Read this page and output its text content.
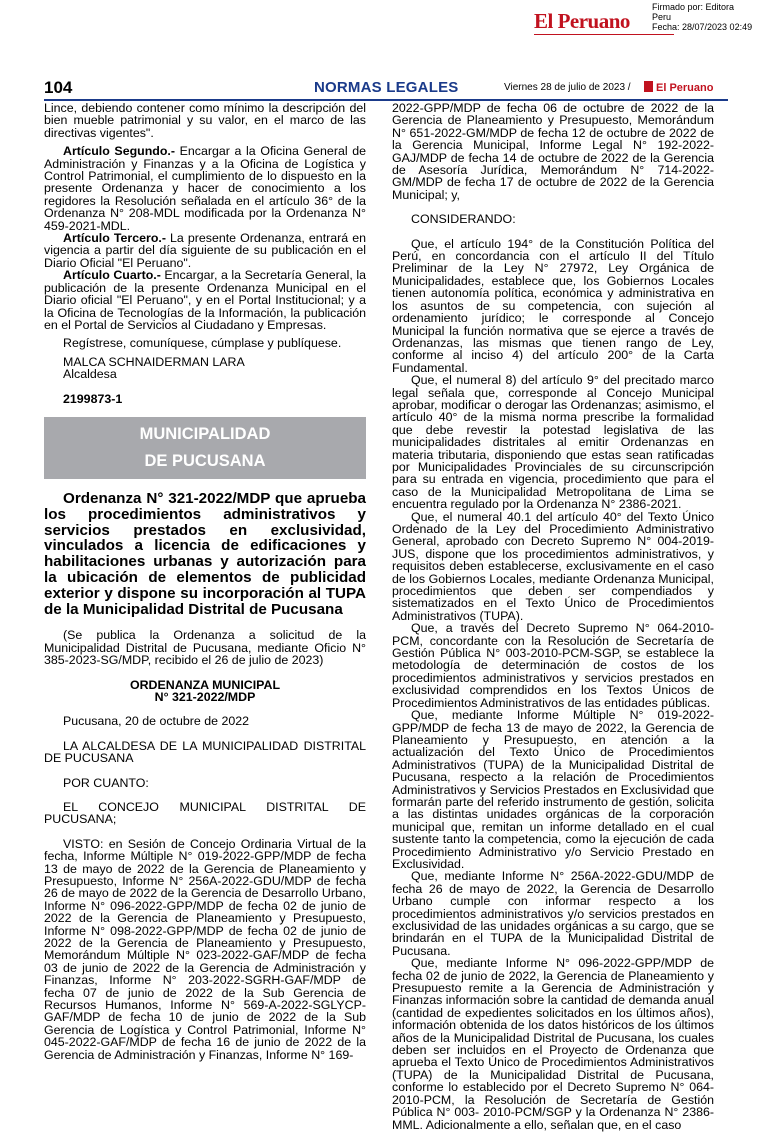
El Peruano
Firmado por: Editora
Peru
Fecha: 28/07/2023 02:49
104	NORMAS LEGALES	Viernes 28 de julio de 2023 /	El Peruano

Lince, debiendo contener como mínimo la descripción del bien mueble patrimonial y su valor, en el marco de las directivas vigentes".

Artículo Segundo.- Encargar a la Oficina General de Administración y Finanzas y a la Oficina de Logística y Control Patrimonial, el cumplimiento de lo dispuesto en la presente Ordenanza y hacer de conocimiento a los regidores la Resolución señalada en el artículo 36° de la Ordenanza N° 208-MDL modificada por la Ordenanza N° 459-2021-MDL.

Artículo Tercero.- La presente Ordenanza, entrará en vigencia a partir del día siguiente de su publicación en el Diario Oficial "El Peruano".

Artículo Cuarto.- Encargar, a la Secretaría General, la publicación de la presente Ordenanza Municipal en el Diario oficial "El Peruano", y en el Portal Institucional; y a la Oficina de Tecnologías de la Información, la publicación en el Portal de Servicios al Ciudadano y Empresas.

Regístrese, comuníquese, cúmplase y publíquese.

MALCA SCHNAIDERMAN LARA

Alcaldesa

2199873-1

MUNICIPALIDAD
DE PUCUSANA

Ordenanza N° 321-2022/MDP que aprueba los procedimientos administrativos y servicios prestados en exclusividad, vinculados a licencia de edificaciones y habilitaciones urbanas y autorización para la ubicación de elementos de publicidad exterior y dispone su incorporación al TUPA de la Municipalidad Distrital de Pucusana

(Se publica la Ordenanza a solicitud de la Municipalidad Distrital de Pucusana, mediante Oficio N° 385-2023-SG/MDP, recibido el 26 de julio de 2023)

ORDENANZA MUNICIPAL

N° 321-2022/MDP

Pucusana, 20 de octubre de 2022

LA ALCALDESA DE LA MUNICIPALIDAD DISTRITAL DE PUCUSANA

POR CUANTO:

EL CONCEJO MUNICIPAL DISTRITAL DE PUCUSANA;

VISTO: en Sesión de Concejo Ordinaria Virtual de la fecha, Informe Múltiple N° 019-2022-GPP/MDP de fecha 13 de mayo de 2022 de la Gerencia de Planeamiento y Presupuesto, Informe N° 256A-2022-GDU/MDP de fecha 26 de mayo de 2022 de la Gerencia de Desarrollo Urbano, Informe N° 096-2022-GPP/MDP de fecha 02 de junio de 2022 de la Gerencia de Planeamiento y Presupuesto, Informe N° 098-2022-GPP/MDP de fecha 02 de junio de 2022 de la Gerencia de Planeamiento y Presupuesto, Memorándum Múltiple N° 023-2022-GAF/MDP de fecha 03 de junio de 2022 de la Gerencia de Administración y Finanzas, Informe N° 203-2022-SGRH-GAF/MDP de fecha 07 de junio de 2022 de la Sub Gerencia de Recursos Humanos, Informe N° 569-A-2022-SGLYCP-GAF/MDP de fecha 10 de junio de 2022 de la Sub Gerencia de Logística y Control Patrimonial, Informe N° 045-2022-GAF/MDP de fecha 16 de junio de 2022 de la Gerencia de Administración y Finanzas, Informe N° 169-

2022-GPP/MDP de fecha 06 de octubre de 2022 de la Gerencia de Planeamiento y Presupuesto, Memorándum N° 651-2022-GM/MDP de fecha 12 de octubre de 2022 de la Gerencia Municipal, Informe Legal N° 192-2022-GAJ/MDP de fecha 14 de octubre de 2022 de la Gerencia de Asesoría Jurídica, Memorándum N° 714-2022-GM/MDP de fecha 17 de octubre de 2022 de la Gerencia Municipal; y,

CONSIDERANDO:

Que, el artículo 194° de la Constitución Política del Perú, en concordancia con el artículo II del Título Preliminar de la Ley N° 27972, Ley Orgánica de Municipalidades, establece que, los Gobiernos Locales tienen autonomía política, económica y administrativa en los asuntos de su competencia, con sujeción al ordenamiento jurídico; le corresponde al Concejo Municipal la función normativa que se ejerce a través de Ordenanzas, las mismas que tienen rango de Ley, conforme al inciso 4) del artículo 200° de la Carta Fundamental.

Que, el numeral 8) del artículo 9° del precitado marco legal señala que, corresponde al Concejo Municipal aprobar, modificar o derogar las Ordenanzas; asimismo, el artículo 40° de la misma norma prescribe la formalidad que debe revestir la potestad legislativa de las municipalidades distritales al emitir Ordenanzas en materia tributaria, disponiendo que estas sean ratificadas por Municipalidades Provinciales de su circunscripción para su entrada en vigencia, procedimiento que para el caso de la Municipalidad Metropolitana de Lima se encuentra regulado por la Ordenanza N° 2386-2021.

Que, el numeral 40.1 del artículo 40° del Texto Único Ordenado de la Ley del Procedimiento Administrativo General, aprobado con Decreto Supremo N° 004-2019-JUS, dispone que los procedimientos administrativos, y requisitos deben establecerse, exclusivamente en el caso de los Gobiernos Locales, mediante Ordenanza Municipal, procedimientos que deben ser compendiados y sistematizados en el Texto Único de Procedimientos Administrativos (TUPA).

Que, a través del Decreto Supremo N° 064-2010-PCM, concordante con la Resolución de Secretaría de Gestión Pública N° 003-2010-PCM-SGP, se establece la metodología de determinación de costos de los procedimientos administrativos y servicios prestados en exclusividad comprendidos en los Textos Únicos de Procedimientos Administrativos de las entidades públicas.

Que, mediante Informe Múltiple N° 019-2022-GPP/MDP de fecha 13 de mayo de 2022, la Gerencia de Planeamiento y Presupuesto, en atención a la actualización del Texto Único de Procedimientos Administrativos (TUPA) de la Municipalidad Distrital de Pucusana, respecto a la relación de Procedimientos Administrativos y Servicios Prestados en Exclusividad que formarán parte del referido instrumento de gestión, solicita a las distintas unidades orgánicas de la corporación municipal que, remitan un informe detallado en el cual sustente tanto la competencia, como la ejecución de cada Procedimiento Administrativo y/o Servicio Prestado en Exclusividad.

Que, mediante Informe N° 256A-2022-GDU/MDP de fecha 26 de mayo de 2022, la Gerencia de Desarrollo Urbano cumple con informar respecto a los procedimientos administrativos y/o servicios prestados en exclusividad de las unidades orgánicas a su cargo, que se brindarán en el TUPA de la Municipalidad Distrital de Pucusana.

Que, mediante Informe N° 096-2022-GPP/MDP de fecha 02 de junio de 2022, la Gerencia de Planeamiento y Presupuesto remite a la Gerencia de Administración y Finanzas información sobre la cantidad de demanda anual (cantidad de expedientes solicitados en los últimos años), información obtenida de los datos históricos de los últimos años de la Municipalidad Distrital de Pucusana, los cuales deben ser incluidos en el Proyecto de Ordenanza que aprueba el Texto Único de Procedimientos Administrativos (TUPA) de la Municipalidad Distrital de Pucusana, conforme lo establecido por el Decreto Supremo N° 064-2010-PCM, la Resolución de Secretaría de Gestión Pública N° 003- 2010-PCM/SGP y la Ordenanza N° 2386-MML. Adicionalmente a ello, señalan que, en el caso
